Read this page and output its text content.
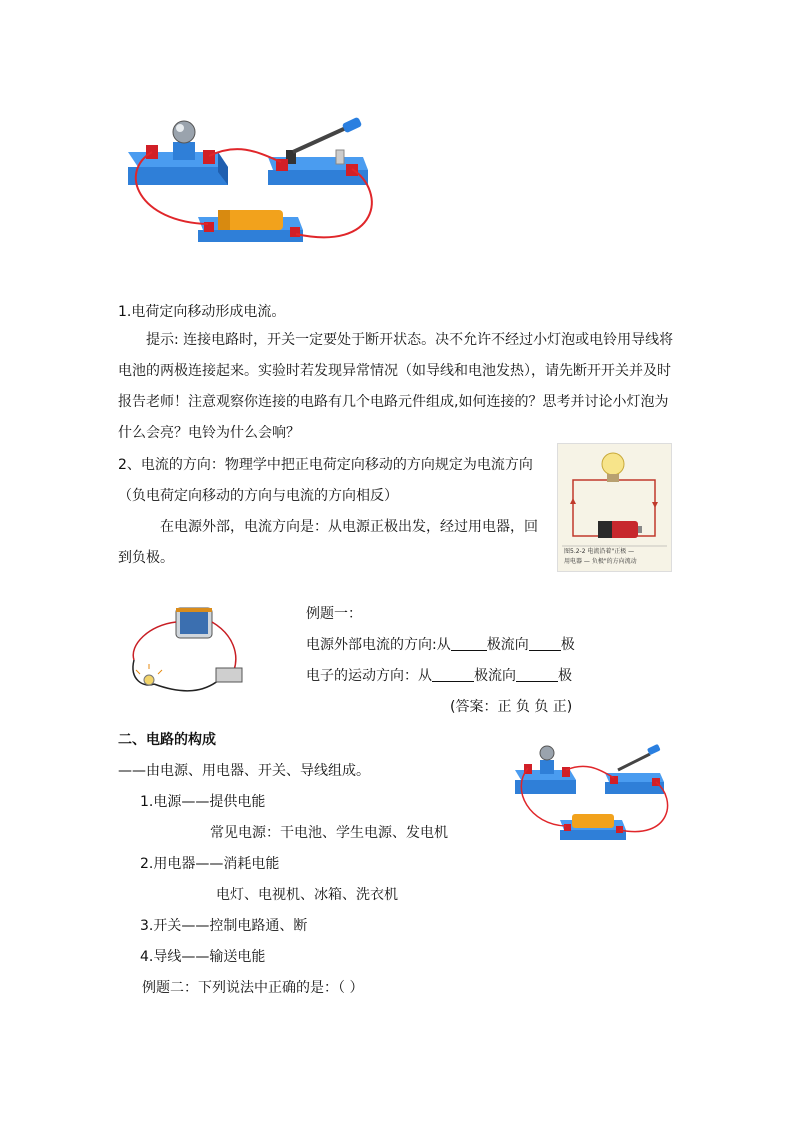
1.电荷定向移动形成电流。
提示: 连接电路时，开关一定要处于断开状态。决不允许不经过小灯泡或电铃用导线将
电池的两极连接起来。实验时若发现异常情况（如导线和电池发热），请先断开开关并及时
报告老师！注意观察你连接的电路有几个电路元件组成,如何连接的？思考并讨论小灯泡为
什么会亮？电铃为什么会响？
2、电流的方向：物理学中把正电荷定向移动的方向规定为电流方向
（负电荷定向移动的方向与电流的方向相反）
在电源外部，电流方向是：从电源正极出发，经过用电器，回
到负极。	图5.2-2 电流沿着"正极 —
用电器 — 负极"的方向流动
例题一：
电源外部电流的方向:从	极流向 极
电子的运动方向：从	极流向	极
(答案：正 负 负 正)
二、电路的构成
——由电源、用电器、开关、导线组成。
1.电源——提供电能
常见电源：干电池、学生电源、发电机
2.用电器——消耗电能
电灯、电视机、冰箱、洗衣机
3.开关——控制电路通、断
4.导线——输送电能
例题二：下列说法中正确的是：（ ）
